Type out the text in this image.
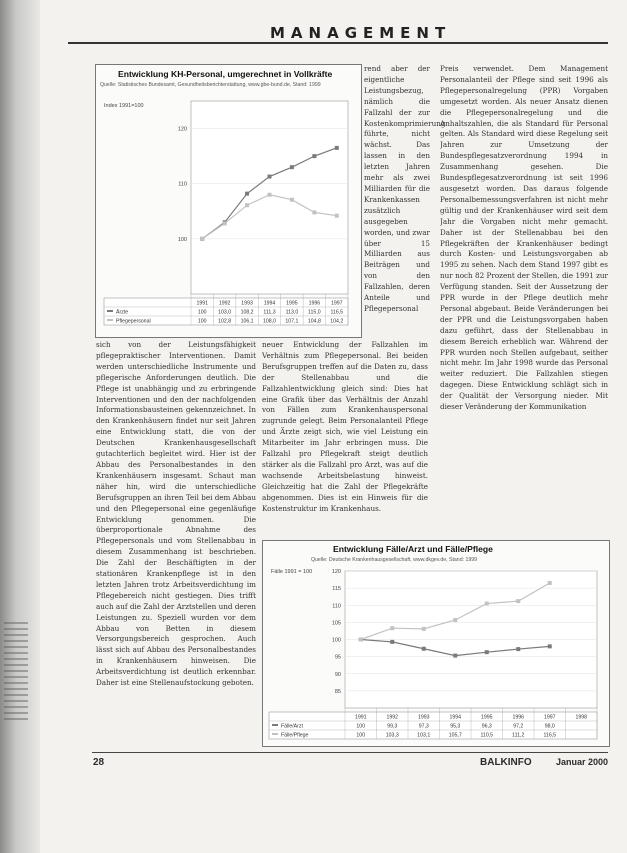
MANAGEMENT
Entwicklung KH-Personal, umgerechnet in Vollkräfte
Quelle: Statistisches Bundesamt, Gesundheitsberichterstattung, www.gbe-bund.de, Stand: 1999
100
110
120
Index 1991=100
1991 1992 1993 1994 1995 1996 1997
Ärzte	100 103,0 108,2 111,3 113,0 115,0 116,5
Pflegepersonal	100 102,8 106,1 108,0 107,1 104,8 104,2

rend aber der eigentliche Leistungsbezug, nämlich die Fallzahl der zur Kostenkomprimierung führte, nicht wächst. Das lassen in den letzten Jahren mehr als zwei Milliarden für die Krankenkassen zusätzlich ausgegeben worden, und zwar über 15 Milliarden aus Beiträgen und von den Fallzahlen, deren Anteile und Pflegepersonal

sich von der Leistungsfähigkeit pflegepraktischer Interventionen. Damit werden unterschiedliche Instrumente und pflegerische Anforderungen deutlich. Die Pflege ist unabhängig und zu erbringende Interventionen und den der nachfolgenden Informationsbausteinen gekennzeichnet. In den Krankenhäusern findet nur seit Jahren eine Entwicklung statt, die von der Deutschen Krankenhausgesellschaft gutachterlich begleitet wird. Hier ist der Abbau des Personalbestandes in den Krankenhäusern insgesamt. Schaut man näher hin, wird die unterschiedliche Berufsgruppen an ihren Teil bei dem Abbau und den Pflegepersonal eine gegenläufige Entwicklung genommen. Die überproportionale Abnahme des Pflegepersonals und vom Stellenabbau in diesem Zusammenhang ist beschrieben. Die Zahl der Beschäftigten in der stationären Krankenpflege ist in den letzten Jahren trotz Arbeitsverdichtung im Pflegebereich nicht gestiegen. Dies trifft auch auf die Zahl der Arztstellen und deren Leistungen zu. Speziell wurden vor dem Abbau von Betten in diesem Versorgungsbereich gesprochen. Auch lässt sich auf Abbau des Personalbestandes in Krankenhäusern hinweisen. Die Arbeitsverdichtung ist deutlich erkennbar. Daher ist eine Stellenaufstockung geboten.

neuer Entwicklung der Fallzahlen im Verhältnis zum Pflegepersonal. Bei beiden Berufsgruppen treffen auf die Daten zu, dass der Stellenabbau und die Fallzahlentwicklung gleich sind: Dies hat eine Grafik über das Verhältnis der Anzahl von Fällen zum Krankenhauspersonal zugrunde gelegt. Beim Personalanteil Pflege und Ärzte zeigt sich, wie viel Leistung ein Mitarbeiter im Jahr erbringen muss. Die Fallzahl pro Pflegekraft steigt deutlich stärker als die Fallzahl pro Arzt, was auf die wachsende Arbeitsbelastung hinweist. Gleichzeitig hat die Zahl der Pflegekräfte abgenommen. Dies ist ein Hinweis für die Kostenstruktur im Krankenhaus.

Preis verwendet. Dem Management Personalanteil der Pflege sind seit 1996 als Pflegepersonalregelung (PPR) Vorgaben umgesetzt worden. Als neuer Ansatz dienen die Pflegepersonalregelung und die Anhaltszahlen, die als Standard für Personal gelten. Als Standard wird diese Regelung seit Jahren zur Umsetzung der Bundespflegesatzverordnung 1994 in Zusammenhang gesehen. Die Bundespflegesatzverordnung ist seit 1996 ausgesetzt worden. Das daraus folgende Personalbemessungsverfahren ist nicht mehr gültig und der Krankenhäuser wird seit dem Jahr die Vorgaben nicht mehr gemacht. Daher ist der Stellenabbau bei den Pflegekräften der Krankenhäuser bedingt durch Kosten- und Leistungsvorgaben ab 1995 zu sehen. Nach dem Stand 1997 gibt es nur noch 82 Prozent der Stellen, die 1991 zur Verfügung standen. Seit der Aussetzung der PPR wurde in der Pflege deutlich mehr Personal abgebaut. Beide Veränderungen bei der PPR und die Leistungsvorgaben haben dazu geführt, dass der Stellenabbau in diesem Bereich erheblich war. Während der PPR wurden noch Stellen aufgebaut, seither nicht mehr. Im Jahr 1998 wurde das Personal weiter reduziert. Die Fallzahlen stiegen dagegen. Diese Entwicklung schlägt sich in der Qualität der Versorgung nieder. Mit dieser Veränderung der Kommunikation

Entwicklung Fälle/Arzt und Fälle/Pflege
Quelle: Deutsche Krankenhausgesellschaft, www.dkgev.de, Stand: 1999
85
90
95
100
105
110
115
120
Fälle 1991 = 100
1991	1992	1993	1994	1995	1996	1997	1998
Fälle/Arzt	100	99,3	97,3	95,3	96,3	97,2	98,0
Fälle/Pflege	100	103,3	103,1	105,7	110,5	111,2	116,5
28	BALKINFO	Januar 2000
